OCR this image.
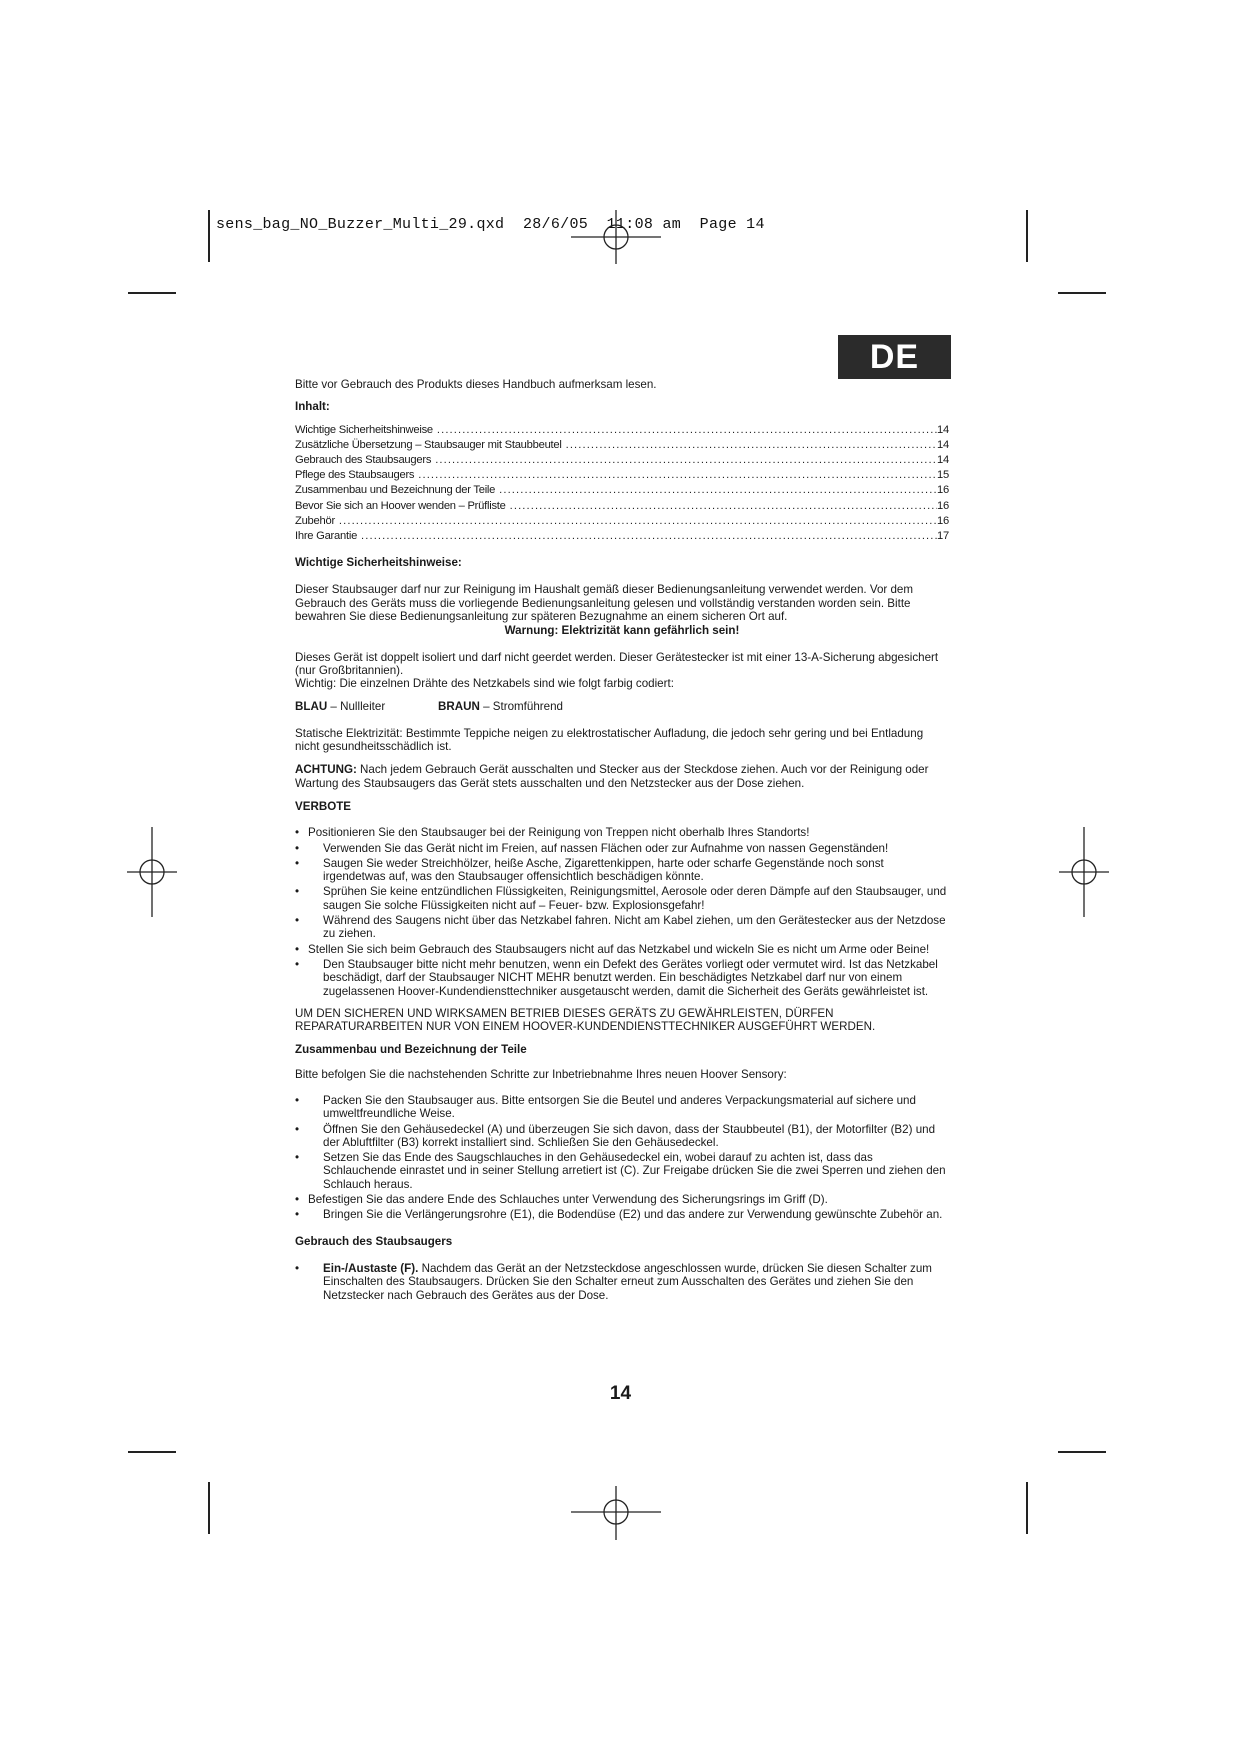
sens_bag_NO_Buzzer_Multi_29.qxd  28/6/05  11:08 am  Page 14
DE

Bitte vor Gebrauch des Produkts dieses Handbuch aufmerksam lesen.

Inhalt:

Wichtige Sicherheitshinweise . . .	14
Zusätzliche Übersetzung – Staubsauger mit Staubbeutel . . .	14
Gebrauch des Staubsaugers . . .	14
Pflege des Staubsaugers . . .	15
Zusammenbau und Bezeichnung der Teile . . .	16
Bevor Sie sich an Hoover wenden – Prüfliste . . .	16
Zubehör . . .	16
Ihre Garantie . . .	17

Wichtige Sicherheitshinweise:

Dieser Staubsauger darf nur zur Reinigung im Haushalt gemäß dieser Bedienungsanleitung verwendet werden. Vor dem Gebrauch des Geräts muss die vorliegende Bedienungsanleitung gelesen und vollständig verstanden worden sein. Bitte bewahren Sie diese Bedienungsanleitung zur späteren Bezugnahme an einem sicheren Ort auf.

Warnung: Elektrizität kann gefährlich sein!

Dieses Gerät ist doppelt isoliert und darf nicht geerdet werden. Dieser Gerätestecker ist mit einer 13-A-Sicherung abgesichert (nur Großbritannien).

Wichtig: Die einzelnen Drähte des Netzkabels sind wie folgt farbig codiert:

BLAU – Nullleiter	BRAUN – Stromführend

Statische Elektrizität: Bestimmte Teppiche neigen zu elektrostatischer Aufladung, die jedoch sehr gering und bei Entladung nicht gesundheitsschädlich ist.

ACHTUNG: Nach jedem Gebrauch Gerät ausschalten und Stecker aus der Steckdose ziehen. Auch vor der Reinigung oder Wartung des Staubsaugers das Gerät stets ausschalten und den Netzstecker aus der Dose ziehen.

VERBOTE

• Positionieren Sie den Staubsauger bei der Reinigung von Treppen nicht oberhalb Ihres Standorts!
• Verwenden Sie das Gerät nicht im Freien, auf nassen Flächen oder zur Aufnahme von nassen Gegenständen!
• Saugen Sie weder Streichhölzer, heiße Asche, Zigarettenkippen, harte oder scharfe Gegenstände noch sonst irgendetwas auf, was den Staubsauger offensichtlich beschädigen könnte.
• Sprühen Sie keine entzündlichen Flüssigkeiten, Reinigungsmittel, Aerosole oder deren Dämpfe auf den Staubsauger, und saugen Sie solche Flüssigkeiten nicht auf – Feuer- bzw. Explosionsgefahr!
• Während des Saugens nicht über das Netzkabel fahren. Nicht am Kabel ziehen, um den Gerätestecker aus der Netzdose zu ziehen.
• Stellen Sie sich beim Gebrauch des Staubsaugers nicht auf das Netzkabel und wickeln Sie es nicht um Arme oder Beine!
• Den Staubsauger bitte nicht mehr benutzen, wenn ein Defekt des Gerätes vorliegt oder vermutet wird. Ist das Netzkabel beschädigt, darf der Staubsauger NICHT MEHR benutzt werden. Ein beschädigtes Netzkabel darf nur von einem zugelassenen Hoover-Kundendiensttechniker ausgetauscht werden, damit die Sicherheit des Geräts gewährleistet ist.

UM DEN SICHEREN UND WIRKSAMEN BETRIEB DIESES GERÄTS ZU GEWÄHRLEISTEN, DÜRFEN REPARATURARBEITEN NUR VON EINEM HOOVER-KUNDENDIENSTTECHNIKER AUSGEFÜHRT WERDEN.

Zusammenbau und Bezeichnung der Teile

Bitte befolgen Sie die nachstehenden Schritte zur Inbetriebnahme Ihres neuen Hoover Sensory:

• Packen Sie den Staubsauger aus. Bitte entsorgen Sie die Beutel und anderes Verpackungsmaterial auf sichere und umweltfreundliche Weise.
• Öffnen Sie den Gehäusedeckel (A) und überzeugen Sie sich davon, dass der Staubbeutel (B1), der Motorfilter (B2) und der Abluftfilter (B3) korrekt installiert sind. Schließen Sie den Gehäusedeckel.
• Setzen Sie das Ende des Saugschlauches in den Gehäusedeckel ein, wobei darauf zu achten ist, dass das Schlauchende einrastet und in seiner Stellung arretiert ist (C). Zur Freigabe drücken Sie die zwei Sperren und ziehen den Schlauch heraus.
• Befestigen Sie das andere Ende des Schlauches unter Verwendung des Sicherungsrings im Griff (D).
• Bringen Sie die Verlängerungsrohre (E1), die Bodendüse (E2) und das andere zur Verwendung gewünschte Zubehör an.

Gebrauch des Staubsaugers

• Ein-/Austaste (F). Nachdem das Gerät an der Netzsteckdose angeschlossen wurde, drücken Sie diesen Schalter zum Einschalten des Staubsaugers. Drücken Sie den Schalter erneut zum Ausschalten des Gerätes und ziehen Sie den Netzstecker nach Gebrauch des Gerätes aus der Dose.
14
